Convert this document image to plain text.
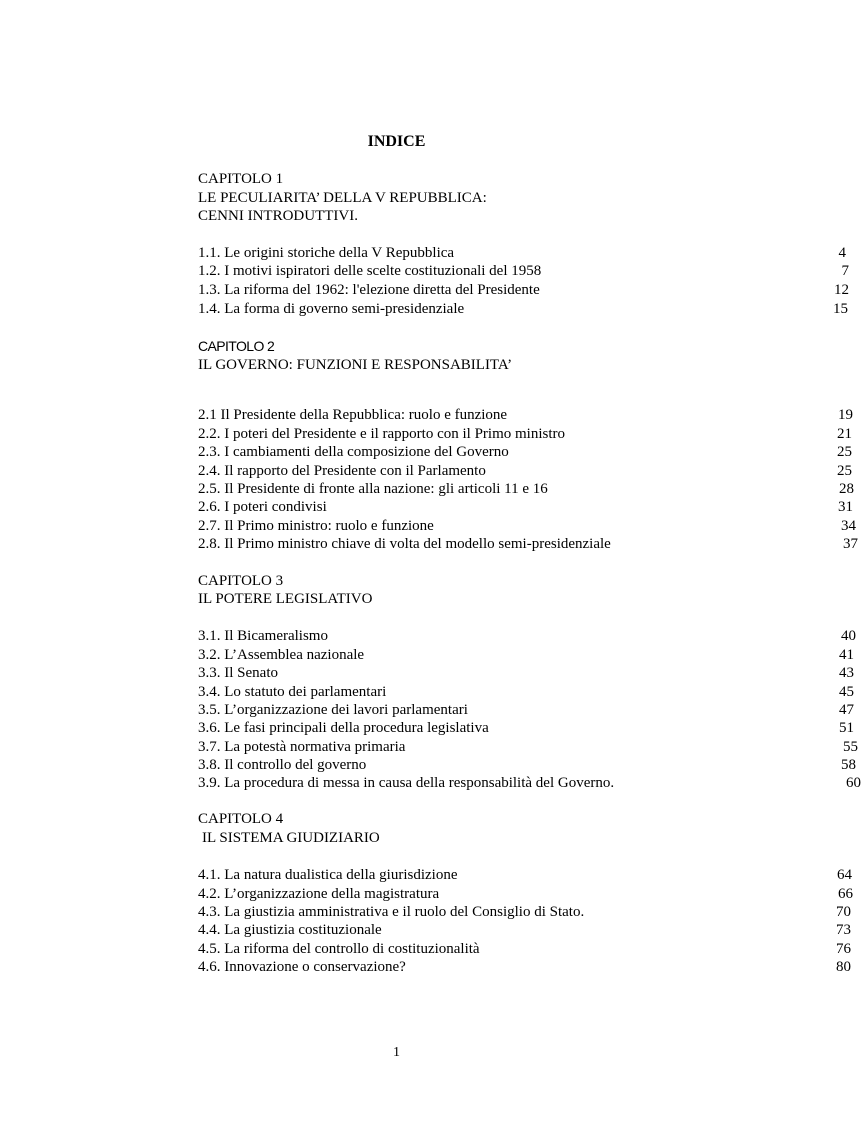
INDICE
CAPITOLO 1
LE PECULIARITA’ DELLA V REPUBBLICA:
CENNI INTRODUTTIVI.
1.1. Le origini storiche della V Repubblica	4
1.2. I motivi ispiratori delle scelte costituzionali del 1958	7
1.3. La riforma del 1962: l'elezione diretta del Presidente	12
1.4. La forma di governo semi-presidenziale	15
CAPITOLO 2
IL GOVERNO: FUNZIONI E RESPONSABILITA’
2.1 Il Presidente della Repubblica: ruolo e funzione	19
2.2. I poteri del Presidente e il rapporto con il Primo ministro	21
2.3. I cambiamenti della composizione del Governo	25
2.4. Il rapporto del Presidente con il Parlamento	25
2.5. Il Presidente di fronte alla nazione: gli articoli 11 e 16	28
2.6. I poteri condivisi	31
2.7. Il Primo ministro: ruolo e funzione	34
2.8. Il Primo ministro chiave di volta del modello semi-presidenziale	37
CAPITOLO 3
IL POTERE LEGISLATIVO
3.1. Il Bicameralismo	40
3.2. L’Assemblea nazionale	41
3.3. Il Senato	43
3.4. Lo statuto dei parlamentari	45
3.5. L’organizzazione dei lavori parlamentari	47
3.6. Le fasi principali della procedura legislativa	51
3.7. La potestà normativa primaria	55
3.8. Il controllo del governo	58
3.9. La procedura di messa in causa della responsabilità del Governo.	60
CAPITOLO 4
IL SISTEMA GIUDIZIARIO
4.1. La natura dualistica della giurisdizione	64
4.2. L’organizzazione della magistratura	66
4.3. La giustizia amministrativa e il ruolo del Consiglio di Stato.	70
4.4. La giustizia costituzionale	73
4.5. La riforma del controllo di costituzionalità	76
4.6. Innovazione o conservazione?	80
1
